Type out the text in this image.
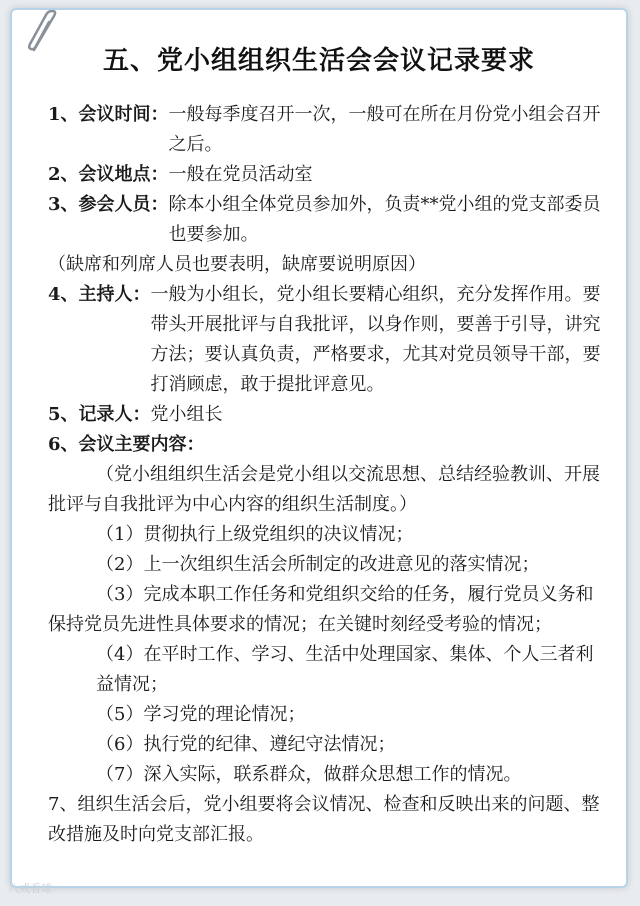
五、党小组组织生活会会议记录要求
1、会议时间： 一般每季度召开一次，一般可在所在月份党小组会召开之后。
2、会议地点： 一般在党员活动室
3、参会人员： 除本小组全体党员参加外，负责**党小组的党支部委员也要参加。
（缺席和列席人员也要表明，缺席要说明原因）
4、主持人： 一般为小组长，党小组长要精心组织，充分发挥作用。要带头开展批评与自我批评，以身作则，要善于引导，讲究方法；要认真负责，严格要求，尤其对党员领导干部，要打消顾虑，敢于提批评意见。
5、记录人： 党小组长
6、会议主要内容：
（党小组组织生活会是党小组以交流思想、总结经验教训、开展批评与自我批评为中心内容的组织生活制度。）
（1）贯彻执行上级党组织的决议情况；
（2）上一次组织生活会所制定的改进意见的落实情况；
（3）完成本职工作任务和党组织交给的任务，履行党员义务和保持党员先进性具体要求的情况；在关键时刻经受考验的情况；
（4）在平时工作、学习、生活中处理国家、集体、个人三者利益情况；
（5）学习党的理论情况；
（6）执行党的纪律、遵纪守法情况；
（7）深入实际，联系群众，做群众思想工作的情况。
7、组织生活会后，党小组要将会议情况、检查和反映出来的问题、整改措施及时向党支部汇报。
八戒看球
